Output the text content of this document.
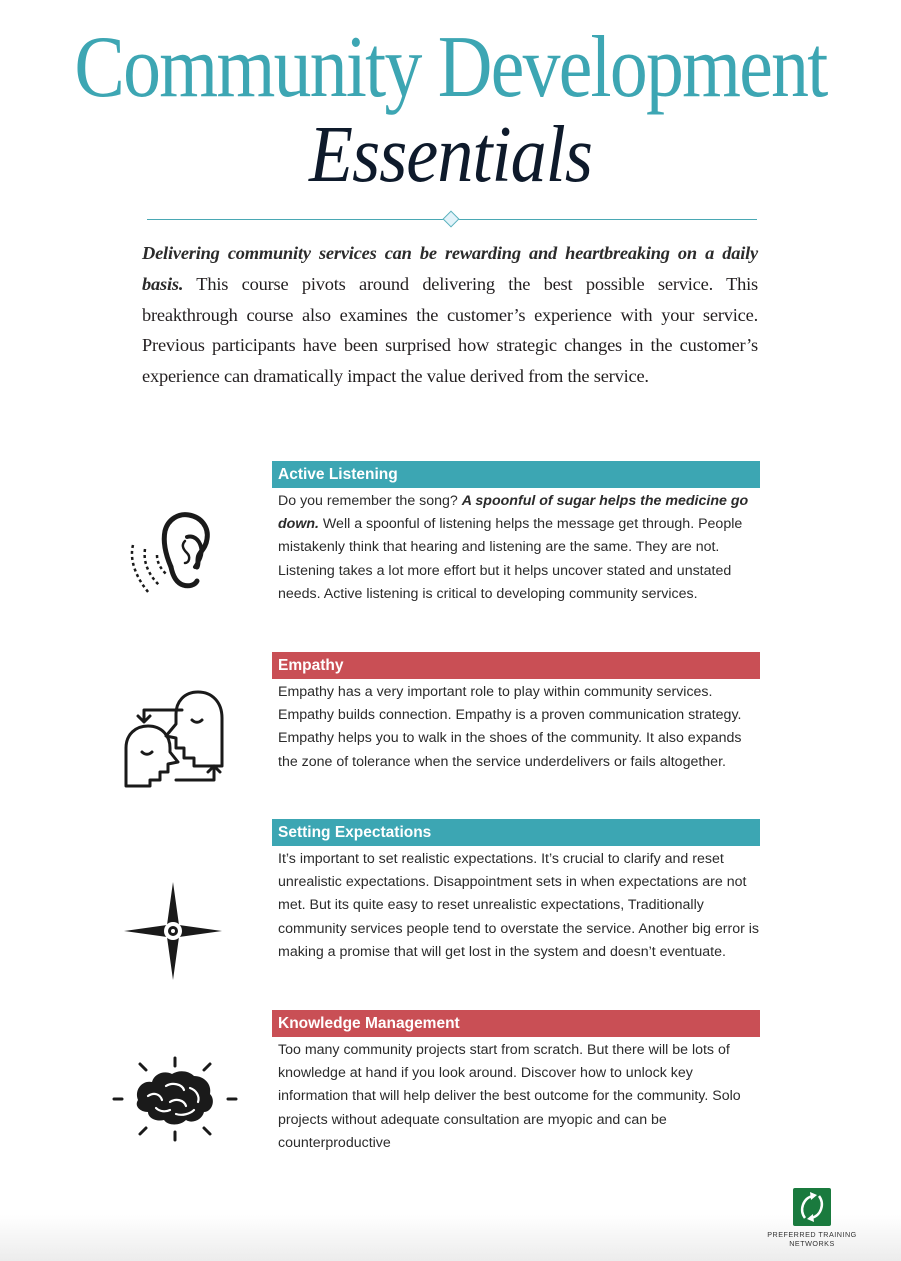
Community Development
Essentials
Delivering community services can be rewarding and heartbreaking on a daily basis. This course pivots around delivering the best possible service. This breakthrough course also examines the customer’s experience with your service. Previous participants have been surprised how strategic changes in the customer’s experience can dramatically impact the value derived from the service.
Active Listening
Do you remember the song? A spoonful of sugar helps the medicine go down. Well a spoonful of listening helps the message get through. People mistakenly think that hearing and listening are the same. They are not. Listening takes a lot more effort but it helps uncover stated and unstated needs. Active listening is critical to developing community services.
Empathy
Empathy has a very important role to play within community services. Empathy builds connection. Empathy is a proven communication strategy. Empathy helps you to walk in the shoes of the community. It also expands the zone of tolerance when the service underdelivers or fails altogether.
Setting Expectations
It’s important to set realistic expectations. It’s crucial to clarify and reset unrealistic expectations. Disappointment sets in when expectations are not met. But its quite easy to reset unrealistic expectations, Traditionally community services people tend to overstate the service. Another big error is making a promise that will get lost in the system and doesn’t eventuate.
Knowledge Management
Too many community projects start from scratch. But there will be lots of knowledge at hand if you look around. Discover how to unlock key information that will help deliver the best outcome for the community. Solo projects without adequate consultation are myopic and can be counterproductive
PREFERRED TRAINING
NETWORKS
